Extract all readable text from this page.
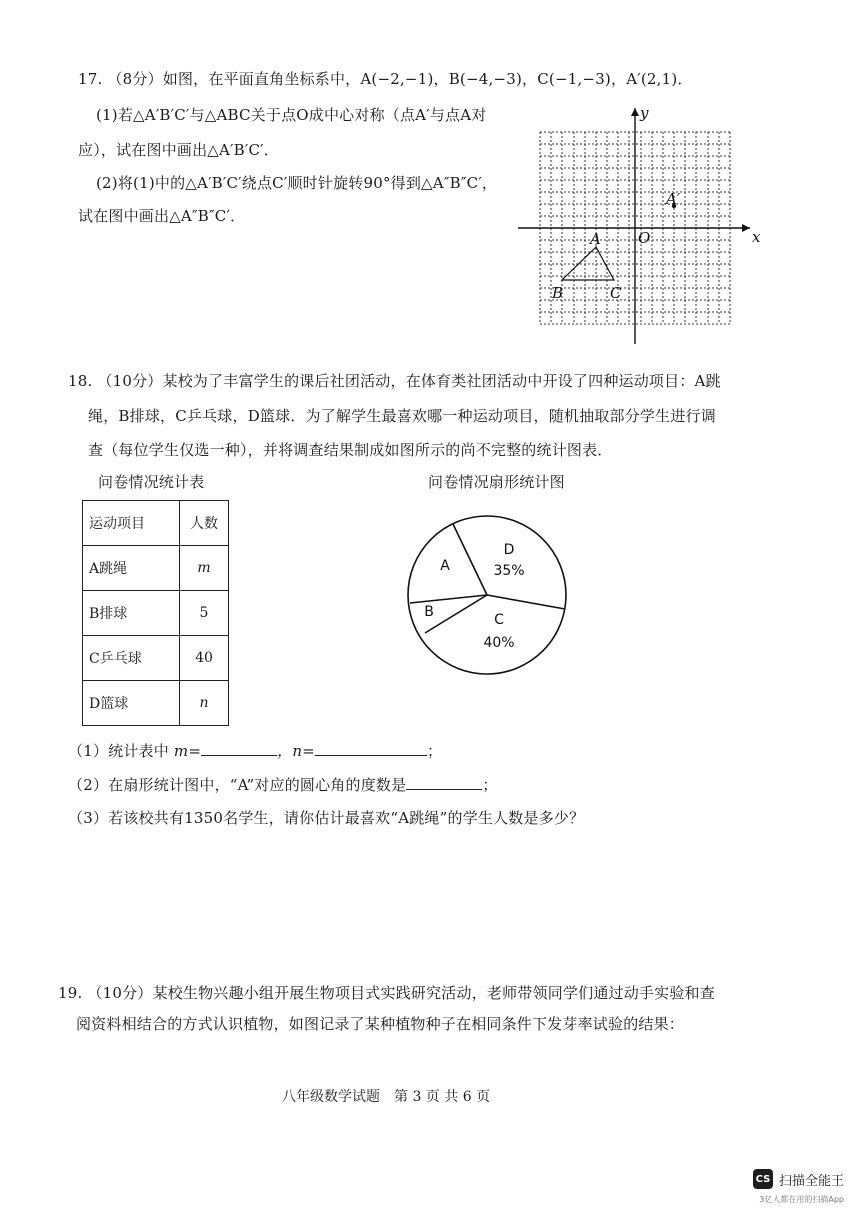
17. （8分）如图，在平面直角坐标系中，A(−2,−1)，B(−4,−3)，C(−1,−3)，A′(2,1)．
(1)若△A′B′C′与△ABC关于点O成中心对称（点A′与点A对
应），试在图中画出△A′B′C′．
(2)将(1)中的△A′B′C′绕点C′顺时针旋转90°得到△A″B″C′，
试在图中画出△A″B″C′．
x
y
O
A′
A
B	C
18. （10分）某校为了丰富学生的课后社团活动，在体育类社团活动中开设了四种运动项目：A跳
绳，B排球，C乒乓球，D篮球．为了解学生最喜欢哪一种运动项目，随机抽取部分学生进行调
查（每位学生仅选一种），并将调查结果制成如图所示的尚不完整的统计图表．
问卷情况统计表	问卷情况扇形统计图
运动项目	人数
A跳绳	m
B排球	5
C乒乓球	40
D篮球	n
A
B	C
40%
D
35%
（1）统计表中 m=	，n=	；
（2）在扇形统计图中，“A”对应的圆心角的度数是	；
（3）若该校共有1350名学生，请你估计最喜欢“A跳绳”的学生人数是多少？
19. （10分）某校生物兴趣小组开展生物项目式实践研究活动，老师带领同学们通过动手实验和查
阅资料相结合的方式认识植物，如图记录了某种植物种子在相同条件下发芽率试验的结果：
八年级数学试题　第 3 页 共 6 页
CS 扫描全能王
3亿人都在用的扫描App
